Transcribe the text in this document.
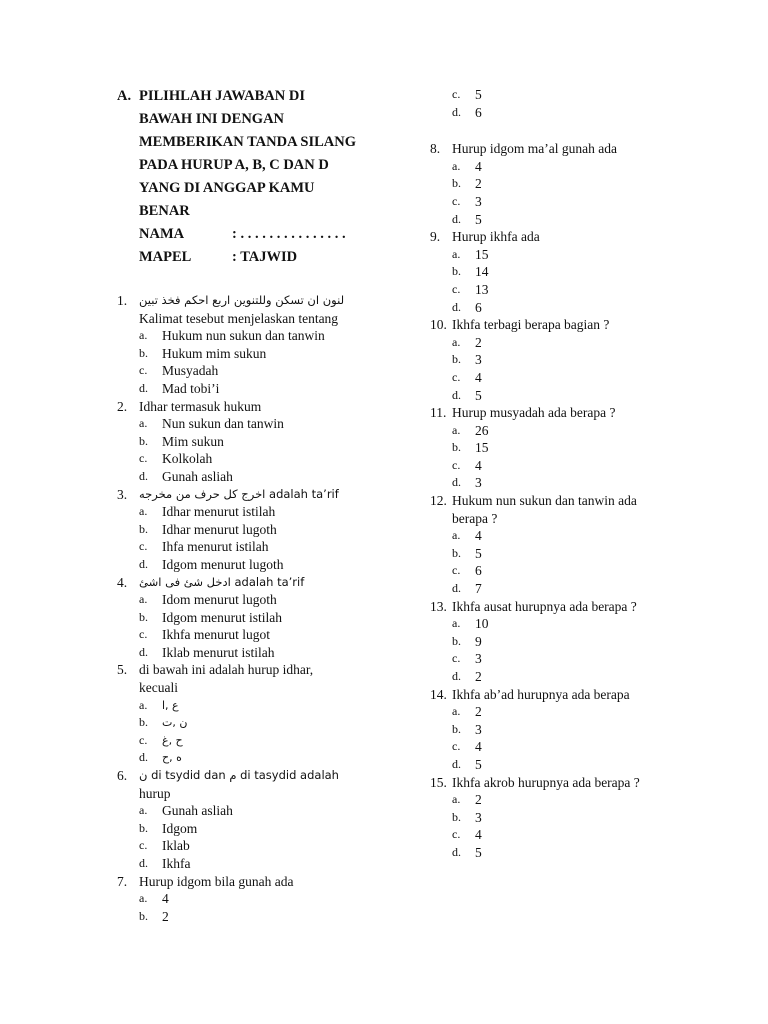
A. PILIHLAH JAWABAN DI
BAWAH INI DENGAN
MEMBERIKAN TANDA SILANG
PADA HURUP A, B, C DAN D
YANG DI ANGGAP KAMU
BENAR
NAMA	: . . . . . . . . . . . . . . .
MAPEL	: TAJWID
1. لنون ان تسکن وللتنوين اربع احكم فخذ تبين
Kalimat tesebut menjelaskan tentang
a. Hukum nun sukun dan tanwin
b. Hukum mim sukun
c. Musyadah
d. Mad tobi’i
2. Idhar termasuk hukum
a. Nun sukun dan tanwin
b. Mim sukun
c. Kolkolah
d. Gunah asliah
3. اخرج كل حرف من مخرجه adalah ta’rif
a. Idhar menurut istilah
b. Idhar menurut lugoth
c. Ihfa menurut istilah
d. Idgom menurut lugoth
4. ادخل شئ فى اشئ adalah ta’rif
a. Idom menurut lugoth
b. Idgom menurut istilah
c. Ikhfa menurut lugot
d. Iklab menurut istilah
5. di bawah ini adalah hurup idhar,
kecuali
a. ع ,ا
b. ن ,ت
c. ح ,غ
d. ه ,ح
6. ن di tsydid dan م di tasydid adalah
hurup
a. Gunah asliah
b. Idgom
c. Iklab
d. Ikhfa
7. Hurup idgom bila gunah ada
a. 4
b. 2
c. 5
d. 6
8. Hurup idgom ma’al gunah ada
a. 4
b. 2
c. 3
d. 5
9. Hurup ikhfa ada
a. 15
b. 14
c. 13
d. 6
10. Ikhfa terbagi berapa bagian ?
a. 2
b. 3
c. 4
d. 5
11. Hurup musyadah ada berapa ?
a. 26
b. 15
c. 4
d. 3
12. Hukum nun sukun dan tanwin ada
berapa ?
a. 4
b. 5
c. 6
d. 7
13. Ikhfa ausat hurupnya ada berapa ?
a. 10
b. 9
c. 3
d. 2
14. Ikhfa ab’ad hurupnya ada berapa
a. 2
b. 3
c. 4
d. 5
15. Ikhfa akrob hurupnya ada berapa ?
a. 2
b. 3
c. 4
d. 5
